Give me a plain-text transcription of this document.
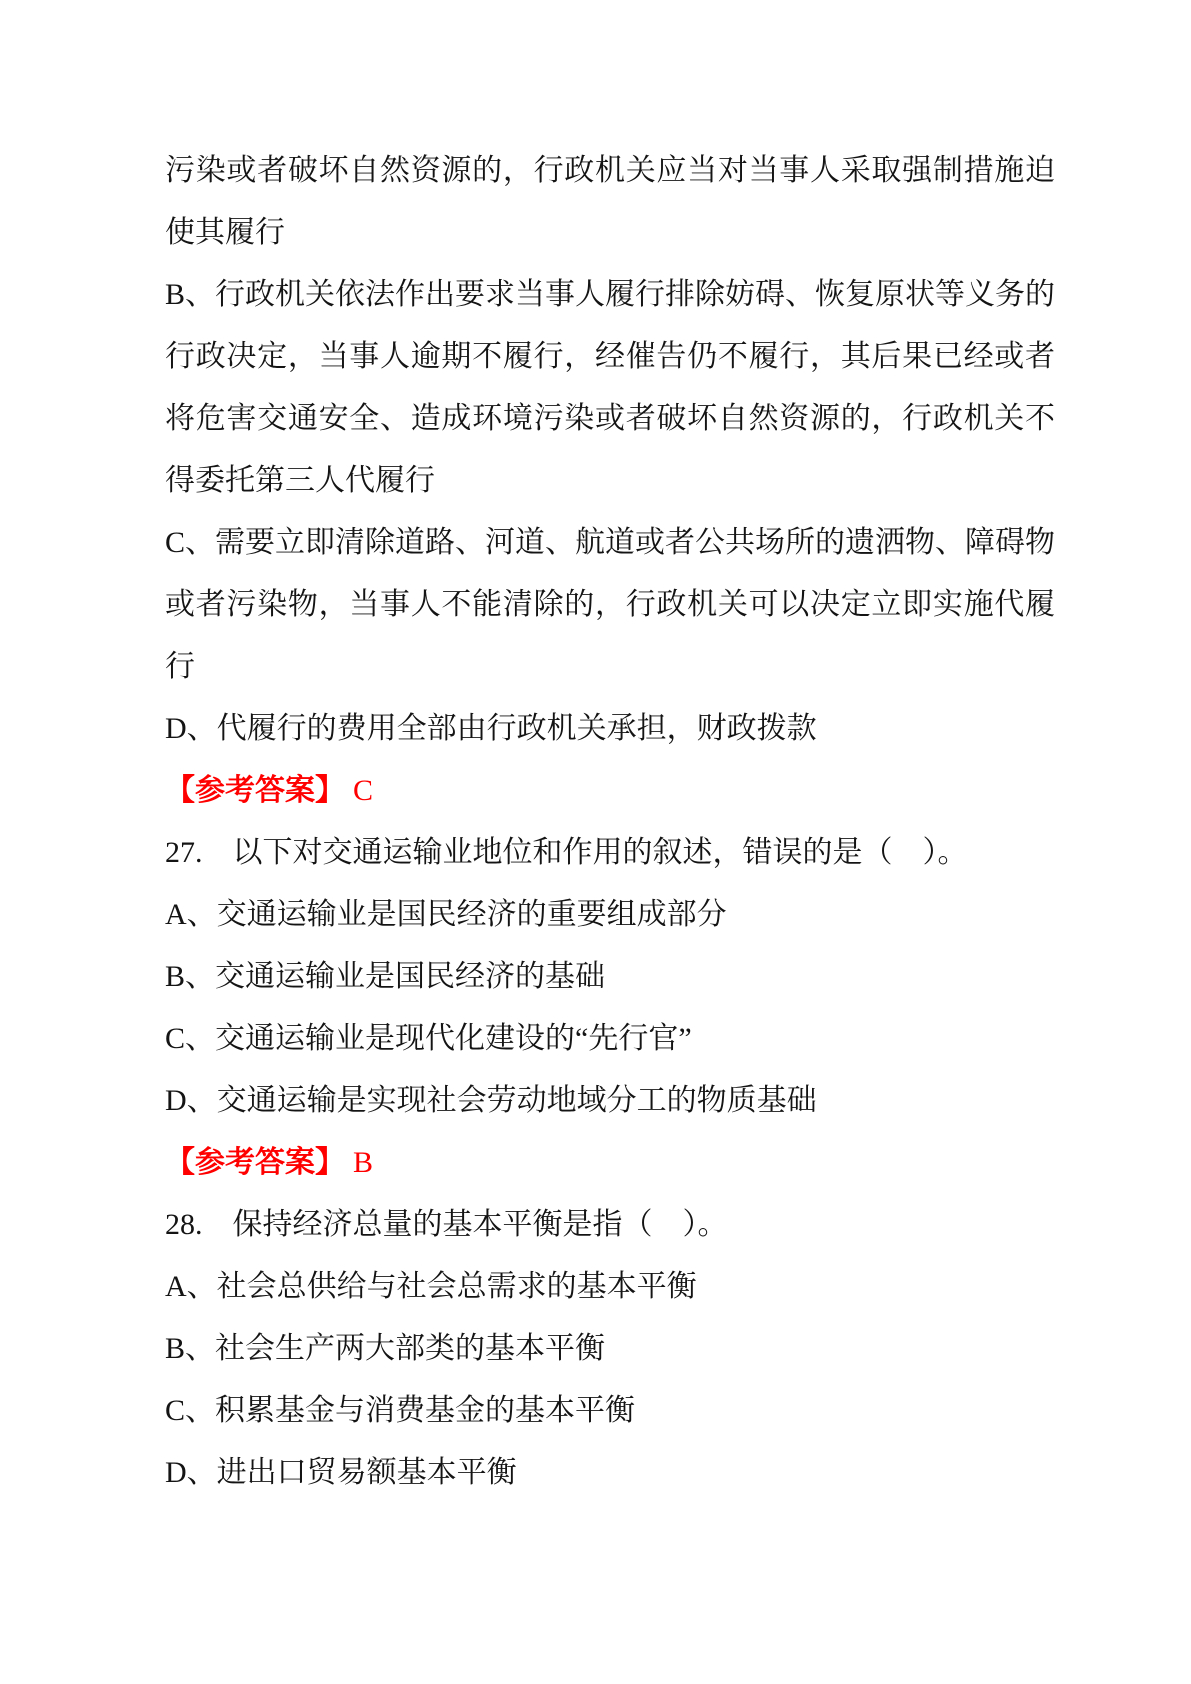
污染或者破坏自然资源的，行政机关应当对当事人采取强制措施迫使其履行

B、行政机关依法作出要求当事人履行排除妨碍、恢复原状等义务的行政决定，当事人逾期不履行，经催告仍不履行，其后果已经或者将危害交通安全、造成环境污染或者破坏自然资源的，行政机关不得委托第三人代履行

C、需要立即清除道路、河道、航道或者公共场所的遗洒物、障碍物或者污染物，当事人不能清除的，行政机关可以决定立即实施代履行

D、代履行的费用全部由行政机关承担，财政拨款

【参考答案】 C

27.　以下对交通运输业地位和作用的叙述，错误的是（　）。

A、交通运输业是国民经济的重要组成部分

B、交通运输业是国民经济的基础

C、交通运输业是现代化建设的“先行官”

D、交通运输是实现社会劳动地域分工的物质基础

【参考答案】 B

28.　保持经济总量的基本平衡是指（　）。

A、社会总供给与社会总需求的基本平衡

B、社会生产两大部类的基本平衡

C、积累基金与消费基金的基本平衡

D、进出口贸易额基本平衡
